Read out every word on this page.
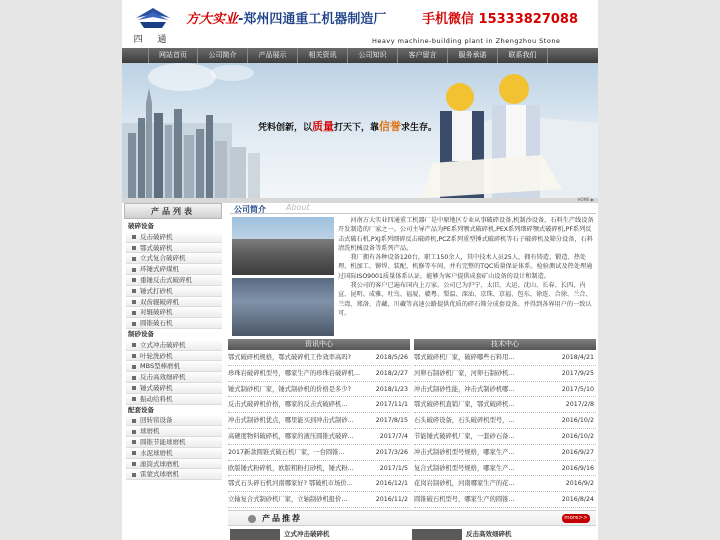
四 通
方大实业-郑州四通重工机器制造厂	手机微信 15333827088
Heavy machine-building plant in Zhengzhou Stone
网站首页	公司简介	产品展示	相关资讯	公司知识	客户留言	服务承诺	联系我们
凭料创新，以质量打天下，靠信誉求生存。
HOME ▶
产品列表
破碎设备
反击破碎机
鄂式破碎机
立式复合破碎机
环锤式碎煤机
重锤反击式破碎机
锤式打砂机
双齿辊破碎机
对辊破碎机
圆锥破石机
制砂设备
立式冲击破碎机
叶轮洗砂机
MBS型棒磨机
反击高效细碎机
锤式破碎机
振动给料机
配套设备
回转窑设备
球磨机
圆锥节能球磨机
水泥球磨机
滚筒式球磨机
雷蒙式球磨机
公司简介	About

河南方大实业四通重工机器厂是中原地区专业从事破碎设备,机制沙设备，石料生产线设备开发制造的厂家之一。公司主导产品为PE系列颚式破碎机,PEX系列细碎颚式破碎机,PF系列反击式破石机,PXJ系列细碎反击破碎机,PCZ系列重型锤式破碎机等石子破碎机及筛分设备，石料清洗机械设备等系列产品。

我厂拥有各种设备120台，职工150余人，其中技术人员25人，拥有铸造、锻造、热处理、机加工、铆焊、装配、机修等车间，并有完整的TQC质量保证体系。检验测试及热处理通过国际ISO9001质量体系认证，能够为客户提供成套矿山设备的设计和制造。

我公司的客户已遍布国内上万家。公司已为沪宁、太旧、大运、沈山、长春、长四、内宣、昆明、成雅、吐鸟、福厦、赣粤、梨温、深汕、京珠、京福、包东、徐连、合徐、兰合、兰湾、郑洛、青藏、川藏等高速公路提供优质的碎石筛分成套设备。并得到各界用户的一致认可。

资讯中心
鄂式破碎机规格，鄂式破碎机工作效率高吗?	2018/5/26
珍珠岩破碎机型号，哪家生产的珍珠岩破碎机...	2018/2/27
锤式制砂机厂家，锤式制砂机的价格是多少?	2018/1/23
反击式破碎机价格，哪家的反击式破碎机...	2017/11/1
冲击式制砂机优点，哪里能买到冲击式制砂...	2017/8/15
高硬度物料破碎机，哪家的液压圆锥式破碎...	2017/7/4
2017新款圆锥式破石机厂家，一台圆锥...	2017/3/26
欧版锤式粉碎机，欧版粗粉打砂机，锤式粉...	2017/1/5
鄂式石头碎石机河南哪家好? 鄂破机市场价...	2016/12/1
立轴复合式制砂机厂家，立轴制砂机报价...	2016/11/2
技术中心
鄂式破碎机厂家，破碎哪些石料用...	2018/4/21
河卵石制砂机厂家，河卵石制砂机...	2017/9/25
冲击式制砂性能，冲击式制砂机哪...	2017/5/10
鄂式破碎机直销厂家，鄂式破碎机...	2017/2/8
石头破碎设备，石头破碎机型号，...	2016/10/2
节能锤式破碎机厂家，一套砂石备...	2016/10/2
冲击式制砂机型号规格，哪家生产...	2016/9/27
复合式制砂机型号规格，哪家生产...	2016/9/16
花岗岩制砂机，河南哪家生产的花...	2016/9/2
圆锥破石机型号，哪家生产的圆锥...	2016/8/24
产品推荐	more>>
立式冲击破碎机	反击高效细碎机
